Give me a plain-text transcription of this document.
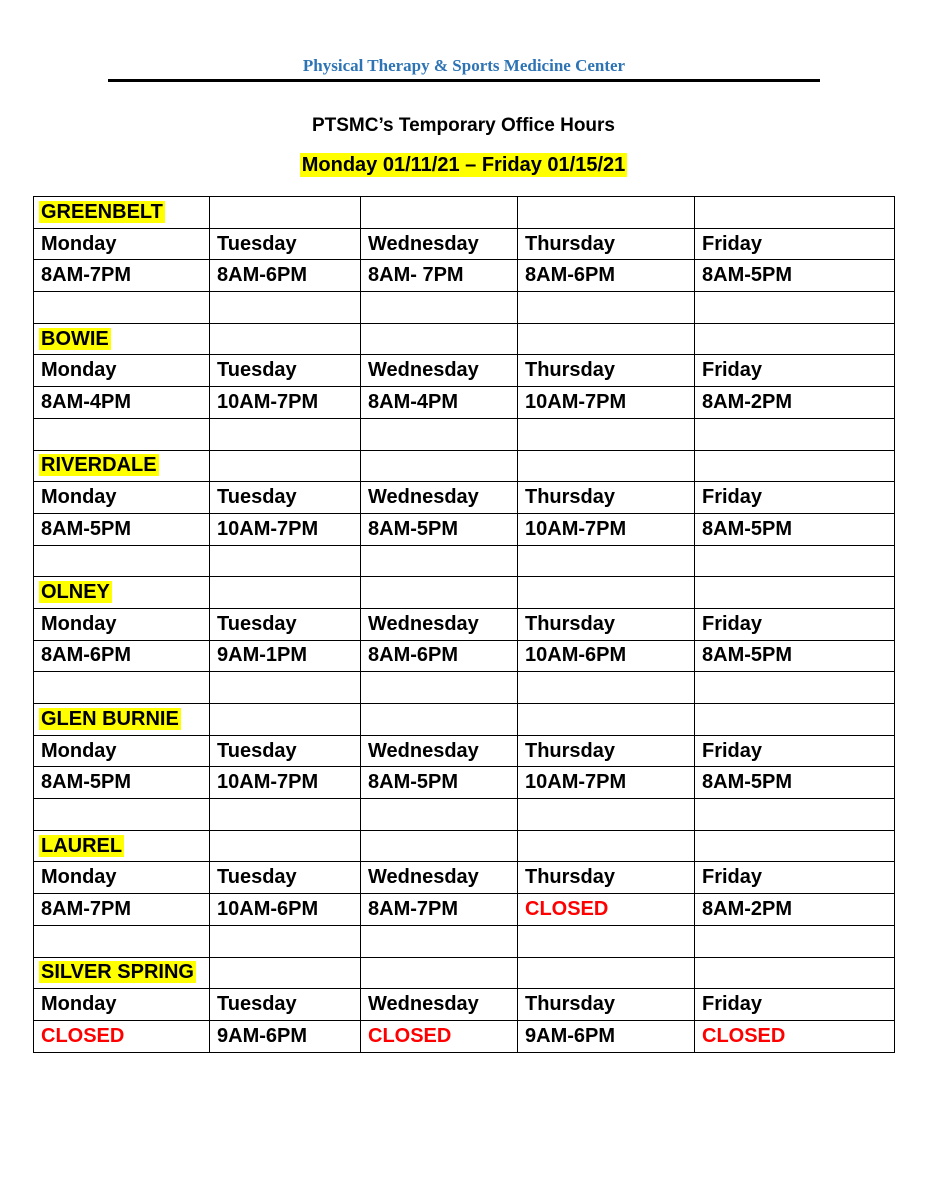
Physical Therapy & Sports Medicine Center
PTSMC’s Temporary Office Hours
Monday 01/11/21 – Friday 01/15/21
GREENBELT				
Monday	Tuesday	Wednesday	Thursday	Friday
8AM-7PM	8AM-6PM	8AM- 7PM	8AM-6PM	8AM-5PM

BOWIE				
Monday	Tuesday	Wednesday	Thursday	Friday
8AM-4PM	10AM-7PM	8AM-4PM	10AM-7PM	8AM-2PM

RIVERDALE				
Monday	Tuesday	Wednesday	Thursday	Friday
8AM-5PM	10AM-7PM	8AM-5PM	10AM-7PM	8AM-5PM

OLNEY				
Monday	Tuesday	Wednesday	Thursday	Friday
8AM-6PM	9AM-1PM	8AM-6PM	10AM-6PM	8AM-5PM

GLEN BURNIE				
Monday	Tuesday	Wednesday	Thursday	Friday
8AM-5PM	10AM-7PM	8AM-5PM	10AM-7PM	8AM-5PM

LAUREL				
Monday	Tuesday	Wednesday	Thursday	Friday
8AM-7PM	10AM-6PM	8AM-7PM	CLOSED	8AM-2PM

SILVER SPRING				
Monday	Tuesday	Wednesday	Thursday	Friday
CLOSED	9AM-6PM	CLOSED	9AM-6PM	CLOSED
